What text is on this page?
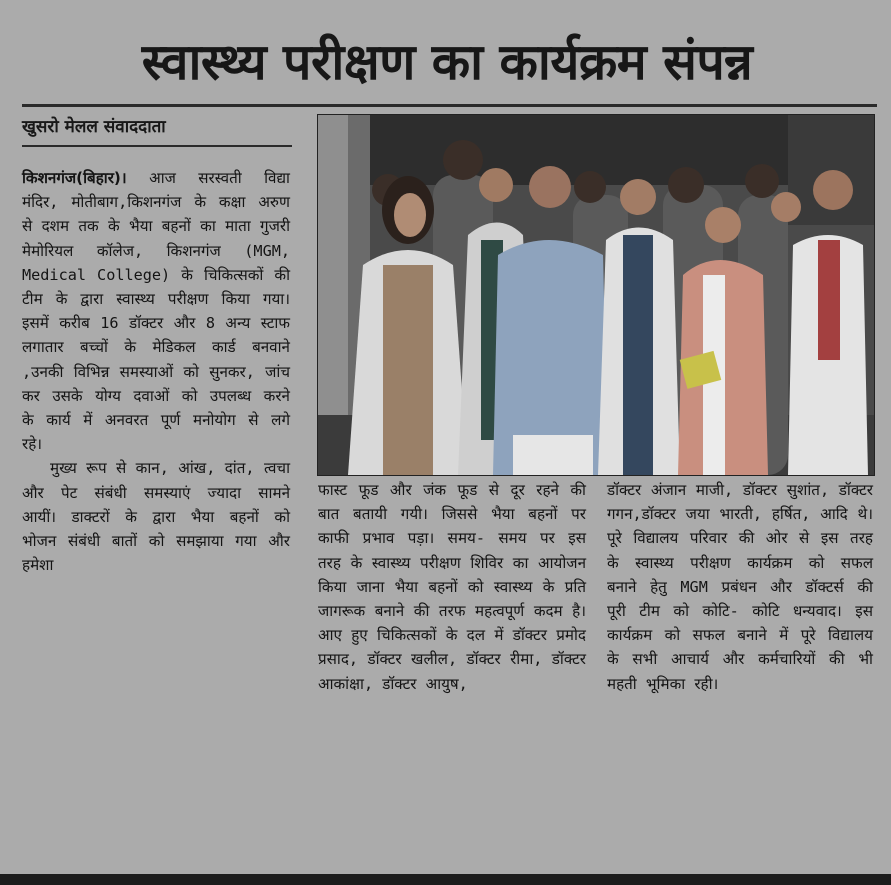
स्वास्थ्य परीक्षण का कार्यक्रम संपन्न
खुसरो मेलल संवाददाता

किशनगंज(बिहार)। आज सरस्वती विद्या मंदिर, मोतीबाग,किशनगंज के कक्षा अरुण से दशम तक के भैया बहनों का माता गुजरी मेमोरियल कॉलेज, किशनगंज (MGM, Medical College) के चिकित्सकों की टीम के द्वारा स्वास्थ्य परीक्षण किया गया। इसमें करीब 16 डॉक्टर और 8 अन्य स्टाफ लगातार बच्चों के मेडिकल कार्ड बनवाने ,उनकी विभिन्न समस्याओं को सुनकर, जांच कर उसके योग्य दवाओं को उपलब्ध करने के कार्य में अनवरत पूर्ण मनोयोग से लगे रहे।

मुख्य रूप से कान, आंख, दांत, त्वचा और पेट संबंधी समस्याएं ज्यादा सामने आयीं। डाक्टरों के द्वारा भैया बहनों को भोजन संबंधी बातों को समझाया गया और हमेशा

फास्ट फूड और जंक फूड से दूर रहने की बात बतायी गयी। जिससे भैया बहनों पर काफी प्रभाव पड़ा। समय- समय पर इस तरह के स्वास्थ्य परीक्षण शिविर का आयोजन किया जाना भैया बहनों को स्वास्थ्य के प्रति जागरूक बनाने की तरफ महत्वपूर्ण कदम है। आए हुए चिकित्सकों के दल में डॉक्टर प्रमोद प्रसाद, डॉक्टर खलील, डॉक्टर रीमा, डॉक्टर आकांक्षा, डॉक्टर आयुष,

डॉक्टर अंजान माजी, डॉक्टर सुशांत, डॉक्टर गगन,डॉक्टर जया भारती, हर्षित, आदि थे। पूरे विद्यालय परिवार की ओर से इस तरह के स्वास्थ्य परीक्षण कार्यक्रम को सफल बनाने हेतु MGM प्रबंधन और डॉक्टर्स की पूरी टीम को कोटि- कोटि धन्यवाद। इस कार्यक्रम को सफल बनाने में पूरे विद्यालय के सभी आचार्य और कर्मचारियों की भी महती भूमिका रही।
